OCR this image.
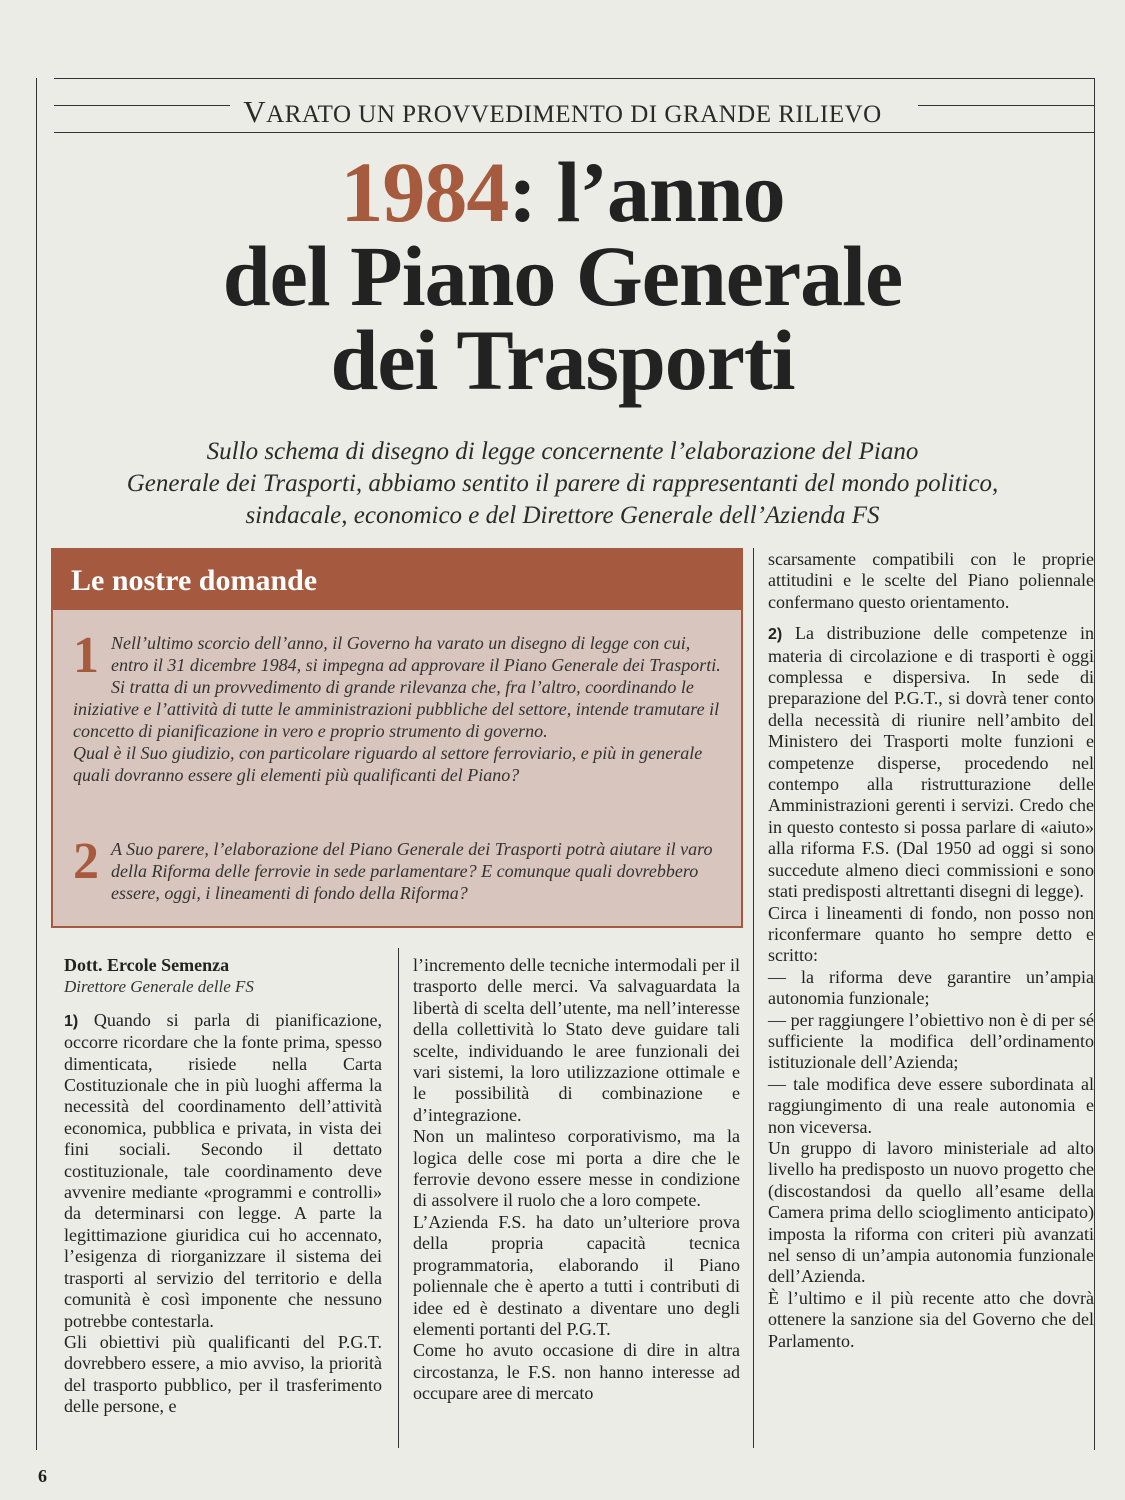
VARATO UN PROVVEDIMENTO DI GRANDE RILIEVO
1984: l’anno
del Piano Generale
dei Trasporti
Sullo schema di disegno di legge concernente l’elaborazione del Piano
Generale dei Trasporti, abbiamo sentito il parere di rappresentanti del mondo politico,
sindacale, economico e del Direttore Generale dell’Azienda FS
Le nostre domande
1 Nell’ultimo scorcio dell’anno, il Governo ha varato un disegno di legge con cui, entro il 31 dicembre 1984, si impegna ad approvare il Piano Generale dei Trasporti. Si tratta di un provvedimento di grande rilevanza che, fra l’altro, coordinando le iniziative e l’attività di tutte le amministrazioni pubbliche del settore, intende tramutare il concetto di pianificazione in vero e proprio strumento di governo.
Qual è il Suo giudizio, con particolare riguardo al settore ferroviario, e più in generale quali dovranno essere gli elementi più qualificanti del Piano?
2 A Suo parere, l’elaborazione del Piano Generale dei Trasporti potrà aiutare il varo della Riforma delle ferrovie in sede parlamentare? E comunque quali dovrebbero essere, oggi, i lineamenti di fondo della Riforma?
Dott. Ercole Semenza
Direttore Generale delle FS

1) Quando si parla di pianificazione, occorre ricordare che la fonte prima, spesso dimenticata, risiede nella Carta Costituzionale che in più luoghi afferma la necessità del coordinamento dell’attività economica, pubblica e privata, in vista dei fini sociali. Secondo il dettato costituzionale, tale coordinamento deve avvenire mediante «programmi e controlli» da determinarsi con legge. A parte la legittimazione giuridica cui ho accennato, l’esigenza di riorganizzare il sistema dei trasporti al servizio del territorio e della comunità è così imponente che nessuno potrebbe contestarla.

Gli obiettivi più qualificanti del P.G.T. dovrebbero essere, a mio avviso, la priorità del trasporto pubblico, per il trasferimento delle persone, e

l’incremento delle tecniche intermodali per il trasporto delle merci. Va salvaguardata la libertà di scelta dell’utente, ma nell’interesse della collettività lo Stato deve guidare tali scelte, individuando le aree funzionali dei vari sistemi, la loro utilizzazione ottimale e le possibilità di combinazione e d’integrazione.

Non un malinteso corporativismo, ma la logica delle cose mi porta a dire che le ferrovie devono essere messe in condizione di assolvere il ruolo che a loro compete.

L’Azienda F.S. ha dato un’ulteriore prova della propria capacità tecnica programmatoria, elaborando il Piano poliennale che è aperto a tutti i contributi di idee ed è destinato a diventare uno degli elementi portanti del P.G.T.

Come ho avuto occasione di dire in altra circostanza, le F.S. non hanno interesse ad occupare aree di mercato

scarsamente compatibili con le proprie attitudini e le scelte del Piano poliennale confermano questo orientamento.

2) La distribuzione delle competenze in materia di circolazione e di trasporti è oggi complessa e dispersiva. In sede di preparazione del P.G.T., si dovrà tener conto della necessità di riunire nell’ambito del Ministero dei Trasporti molte funzioni e competenze disperse, procedendo nel contempo alla ristrutturazione delle Amministrazioni gerenti i servizi. Credo che in questo contesto si possa parlare di «aiuto» alla riforma F.S. (Dal 1950 ad oggi si sono succedute almeno dieci commissioni e sono stati predisposti altrettanti disegni di legge).

Circa i lineamenti di fondo, non posso non riconfermare quanto ho sempre detto e scritto:

— la riforma deve garantire un’ampia autonomia funzionale;

— per raggiungere l’obiettivo non è di per sé sufficiente la modifica dell’ordinamento istituzionale dell’Azienda;

— tale modifica deve essere subordinata al raggiungimento di una reale autonomia e non viceversa.

Un gruppo di lavoro ministeriale ad alto livello ha predisposto un nuovo progetto che (discostandosi da quello all’esame della Camera prima dello scioglimento anticipato) imposta la riforma con criteri più avanzati nel senso di un’ampia autonomia funzionale dell’Azienda.

È l’ultimo e il più recente atto che dovrà ottenere la sanzione sia del Governo che del Parlamento.

6
